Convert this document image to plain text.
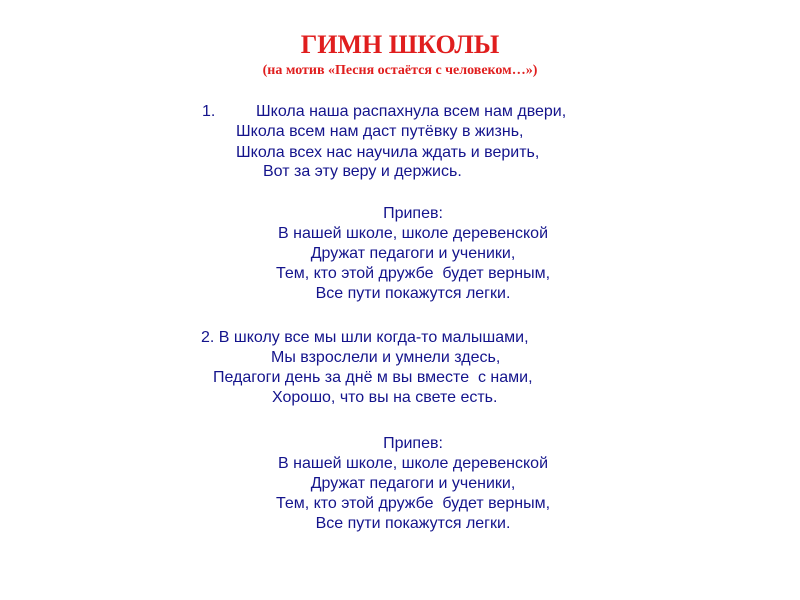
ГИМН ШКОЛЫ
(на мотив «Песня остаётся с человеком…»)
1.	Школа наша распахнула всем нам двери,
Школа всем нам даст путёвку в жизнь,
Школа всех нас научила ждать и верить,
Вот за эту веру и держись.
Припев:
В нашей школе, школе деревенской
Дружат педагоги и ученики,
Тем, кто этой дружбе  будет верным,
Все пути покажутся легки.
2. В школу все мы шли когда-то малышами,
Мы взрослели и умнели здесь,
Педагоги день за днё м вы вместе  с нами,
Хорошо, что вы на свете есть.
Припев:
В нашей школе, школе деревенской
Дружат педагоги и ученики,
Тем, кто этой дружбе  будет верным,
Все пути покажутся легки.
